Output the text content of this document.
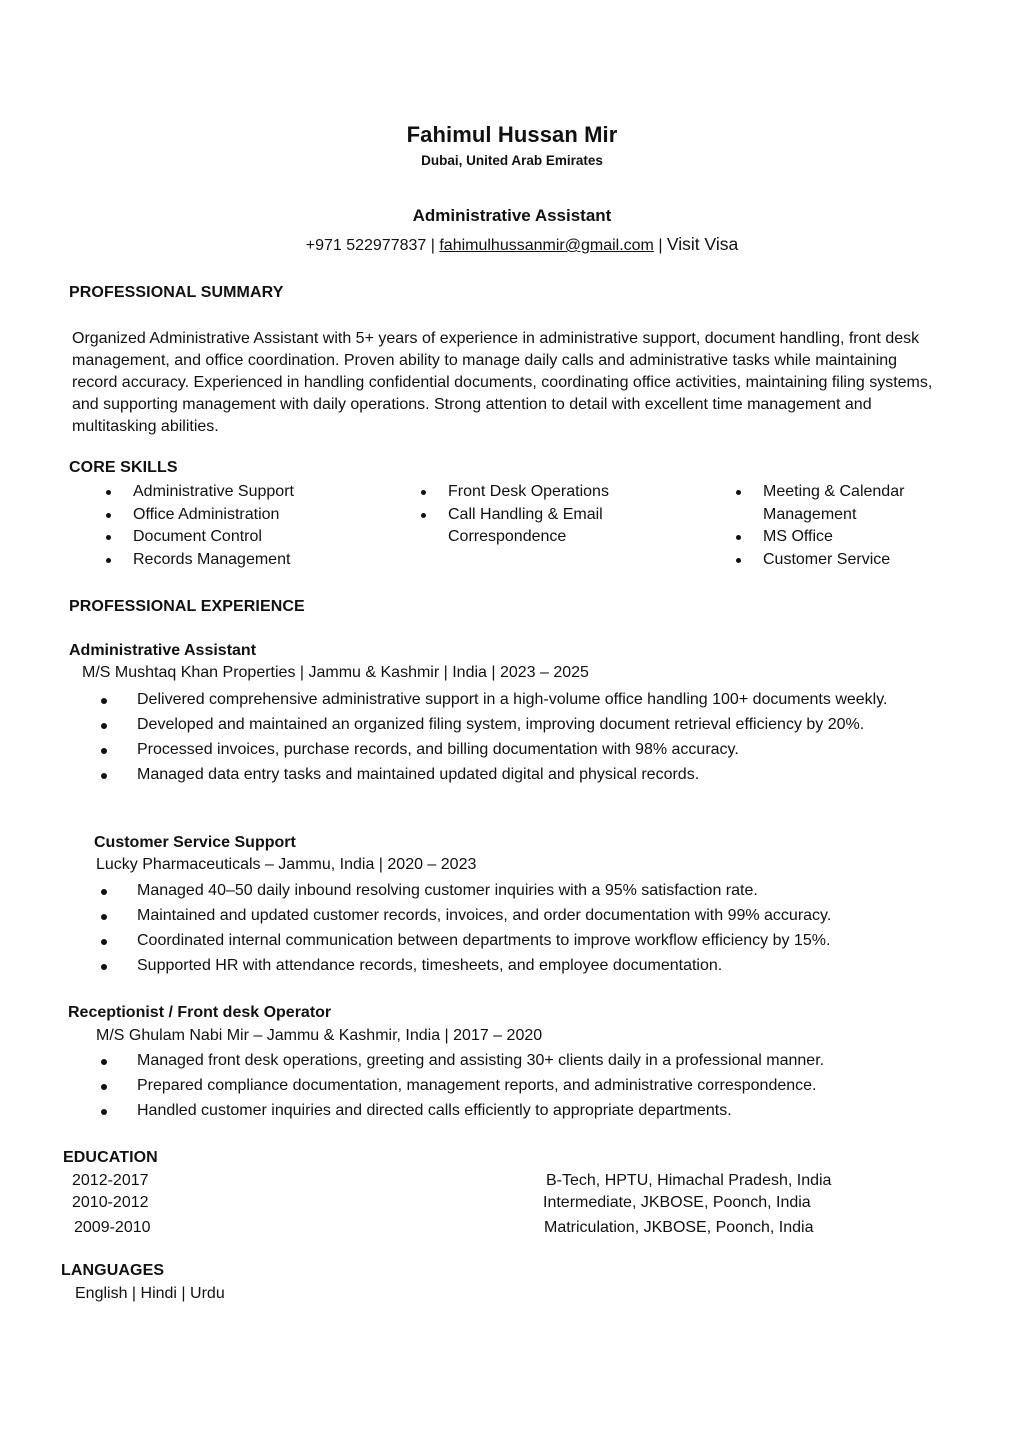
Fahimul Hussan Mir
Dubai, United Arab Emirates
Administrative Assistant
+971 522977837 | fahimulhussanmir@gmail.com | Visit Visa
PROFESSIONAL SUMMARY
Organized Administrative Assistant with 5+ years of experience in administrative support, document handling, front desk management, and office coordination. Proven ability to manage daily calls and administrative tasks while maintaining record accuracy. Experienced in handling confidential documents, coordinating office activities, maintaining filing systems, and supporting management with daily operations. Strong attention to detail with excellent time management and multitasking abilities.
CORE SKILLS
Administrative Support
Office Administration
Document Control
Records Management
Front Desk Operations
Call Handling & Email Correspondence
Meeting & Calendar Management
MS Office
Customer Service
PROFESSIONAL EXPERIENCE
Administrative Assistant
M/S Mushtaq Khan Properties | Jammu & Kashmir | India | 2023 – 2025
Delivered comprehensive administrative support in a high-volume office handling 100+ documents weekly.
Developed and maintained an organized filing system, improving document retrieval efficiency by 20%.
Processed invoices, purchase records, and billing documentation with 98% accuracy.
Managed data entry tasks and maintained updated digital and physical records.
Customer Service Support
Lucky Pharmaceuticals – Jammu, India | 2020 – 2023
Managed 40–50 daily inbound resolving customer inquiries with a 95% satisfaction rate.
Maintained and updated customer records, invoices, and order documentation with 99% accuracy.
Coordinated internal communication between departments to improve workflow efficiency by 15%.
Supported HR with attendance records, timesheets, and employee documentation.
Receptionist / Front desk Operator
M/S Ghulam Nabi Mir – Jammu & Kashmir, India | 2017 – 2020
Managed front desk operations, greeting and assisting 30+ clients daily in a professional manner.
Prepared compliance documentation, management reports, and administrative correspondence.
Handled customer inquiries and directed calls efficiently to appropriate departments.
EDUCATION
2012-2017	B-Tech, HPTU, Himachal Pradesh, India
2010-2012	Intermediate, JKBOSE, Poonch, India
2009-2010	Matriculation, JKBOSE, Poonch, India
LANGUAGES
English | Hindi | Urdu
